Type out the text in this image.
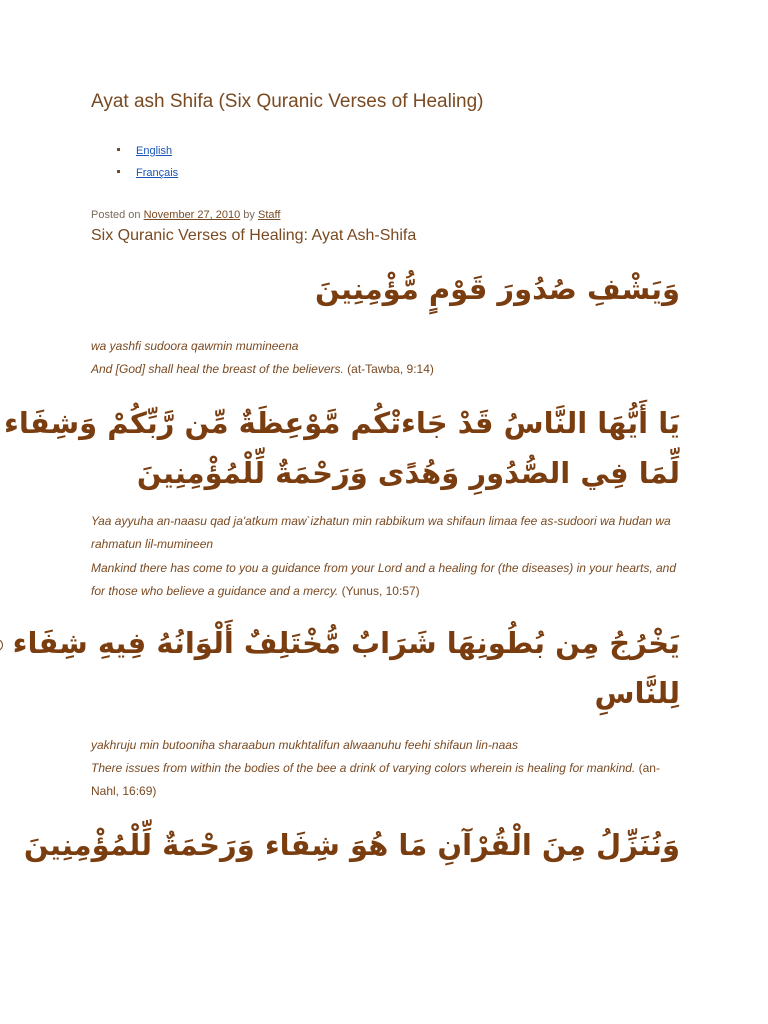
Ayat ash Shifa (Six Quranic Verses of Healing)
English
Français
Posted on November 27, 2010 by Staff
Six Quranic Verses of Healing: Ayat Ash-Shifa
وَيَشْفِ صُدُورَ قَوْمٍ مُّؤْمِنِينَ
wa yashfi sudoora qawmin mumineena
And [God] shall heal the breast of the believers. (at-Tawba, 9:14)
يَا أَيُّهَا النَّاسُ قَدْ جَاءتْكُم مَّوْعِظَةٌ مِّن رَّبِّكُمْ وَشِفَاء
لِّمَا فِي الصُّدُورِ وَهُدًى وَرَحْمَةٌ لِّلْمُؤْمِنِينَ
Yaa ayyuha an-naasu qad ja'atkum maw`izhatun min rabbikum wa shifaun limaa fee as-sudoori wa hudan wa rahmatun lil-mumineen
Mankind there has come to you a guidance from your Lord and a healing for (the diseases) in your hearts, and for those who believe a guidance and a mercy. (Yunus, 10:57)
يَخْرُجُ مِن بُطُونِهَا شَرَابٌ مُّخْتَلِفٌ أَلْوَانُهُ فِيهِ شِفَاء
لِلنَّاسِ
yakhruju min butooniha sharaabun mukhtalifun alwaanuhu feehi shifaun lin-naas
There issues from within the bodies of the bee a drink of varying colors wherein is healing for mankind. (an-Nahl, 16:69)
وَنُنَزِّلُ مِنَ الْقُرْآنِ مَا هُوَ شِفَاء وَرَحْمَةٌ لِّلْمُؤْمِنِينَ
